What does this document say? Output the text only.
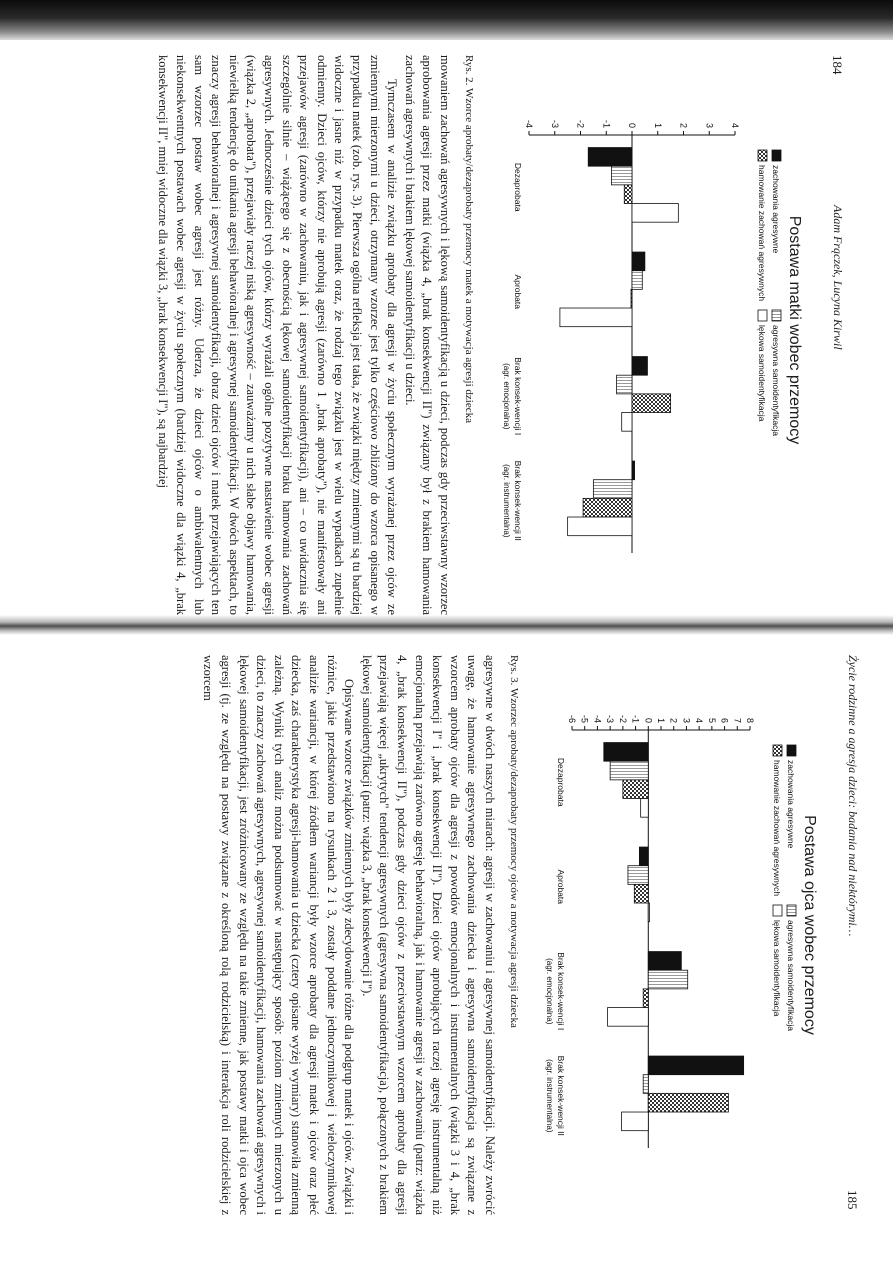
184
Adam Frączek, Lucyna Kirwil
Postawa matki wobec przemocy
zachowania agresywne
agresywna samoidentyfikacja
hamowanie zachowań agresywnych
lękowa samoidentyfikacja
4
3
2
1
0
-1
-2
-3
-4
Dezaprobata
Aprobata
Brak konsek-wencji I
(agr. emocjonalna)
Brak konsek-wencji II
(agr. instrumentalna)
Rys. 2. Wzorce aprobaty/dezaprobaty przemocy matek a motywacja agresji dziecka

mowaniem zachowań agresywnych i lękową samoidentyfikacją u dzieci, podczas gdy przeciwstawny wzorzec aprobowania agresji przez matki (wiązka 4, „brak konsekwencji II") związany był z brakiem hamowania zachowań agresywnych i brakiem lękowej samoidentyfikacji u dzieci.

Tymczasem w analizie związku aprobaty dla agresji w życiu społecznym wyrażanej przez ojców ze zmiennymi mierzonymi u dzieci, otrzymany wzorzec jest tylko częściowo zbliżony do wzorca opisanego w przypadku matek (zob. rys. 3). Pierwsza ogólna refleksja jest taka, że związki między zmiennymi są tu bardziej widoczne i jasne niż w przypadku matek oraz, że rodzaj tego związku jest w wielu wypadkach zupełnie odmienny. Dzieci ojców, którzy nie aprobują agresji (zarówno 1 „brak aprobaty"), nie manifestowały ani przejawów agresji (zarówno w zachowaniu, jak i agresywnej samoidentyfikacji), ani – co uwidacznia się szczególnie silnie – wiążącego się z obecnością lękowej samoidentyfikacji braku hamowania zachowań agresywnych. Jednocześnie dzieci tych ojców, którzy wyrażali ogólne pozytywne nastawienie wobec agresji (wiązka 2, „aprobata"), przejawiały raczej niską agresywność – zauważamy u nich słabe objawy hamowania, niewielką tendencję do unikania agresji behawioralnej i agresywnej samoidentyfikacji. W dwóch aspektach, to znaczy agresji behawioralnej i agresywnej samoidentyfikacji, obraz dzieci ojców i matek przejawiających ten sam wzorzec postaw wobec agresji jest różny. Uderza, że dzieci ojców o ambiwalentnych lub niekonsekwentnych postawach wobec agresji w życiu społecznym (bardziej widoczne dla wiązki 4, „brak konsekwencji II", mniej widoczne dla wiązki 3, „brak konsekwencji I"), są najbardziej

Życie rodzinne a agresja dzieci: badania nad niektórymi…
185
Postawa ojca wobec przemocy
zachowania agresywne
agresywna samoidentyfikacja
hamowanie zachowań agresywnych
lękowa samoidentyfikacja
8
7
6
5
4
3
2
1
0
-1
-2
-3
-4
-5
-6
Dezaprobata
Aprobata
Brak konsek-wencji I
(agr. emocjonalna)
Brak konsek-wencji II
(agr. instrumentalna)
Rys. 3. Wzorzec aprobaty/dezaprobaty przemocy ojców a motywacja agresji dziecka

agresywne w dwóch naszych miarach: agresji w zachowaniu i agresywnej samoidentyfikacji. Należy zwrócić uwagę, że hamowanie agresywnego zachowania dziecka i agresywna samoidentyfikacja są związane z wzorcem aprobaty ojców dla agresji z powodów emocjonalnych i instrumentalnych (wiązki 3 i 4, „brak konsekwencji I" i „brak konsekwencji II"). Dzieci ojców aprobujących raczej agresję instrumentalną niż emocjonalną przejawiają zarówno agresję behawioralną, jak i hamowanie agresji w zachowaniu (patrz: wiązka 4, „brak konsekwencji II"), podczas gdy dzieci ojców z przeciwstawnym wzorcem aprobaty dla agresji przejawiają więcej „ukrytych" tendencji agresywnych (agresywna samoidentyfikacja), połączonych z brakiem lękowej samoidentyfikacji (patrz: wiązka 3, „brak konsekwencji I").

Opisywane wzorce związków zmiennych były zdecydowanie różne dla podgrup matek i ojców. Związki i różnice, jakie przedstawiono na rysunkach 2 i 3, zostały poddane jednoczynnikowej i wieloczynnikowej analizie wariancji, w której źródłem wariancji były wzorce aprobaty dla agresji matek i ojców oraz płeć dziecka, zaś charakterystyka agresji-hamowania u dziecka (cztery opisane wyżej wymiary) stanowiła zmienną zależną. Wyniki tych analiz można podsumować w następujący sposób: poziom zmiennych mierzonych u dzieci, to znaczy zachowań agresywnych, agresywnej samoidentyfikacji, hamowania zachowań agresywnych i lękowej samoidentyfikacji, jest zróżnicowany ze względu na takie zmienne, jak postawy matki i ojca wobec agresji (tj. ze względu na postawy związane z określoną rolą rodzicielską) i interakcja roli rodzicielskiej z wzorcem
